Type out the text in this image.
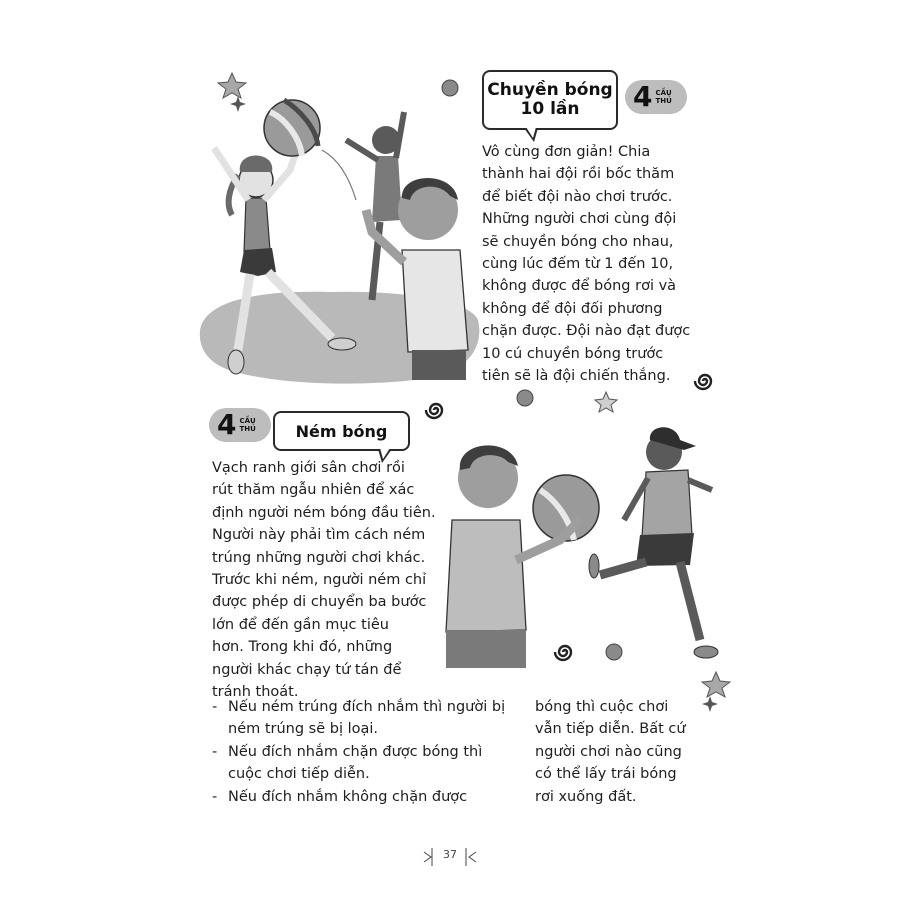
Chuyền bóng
10 lần	4 CẦU
THỦ
Vô cùng đơn giản! Chia
thành hai đội rồi bốc thăm
để biết đội nào chơi trước.
Những người chơi cùng đội
sẽ chuyền bóng cho nhau,
cùng lúc đếm từ 1 đến 10,
không được để bóng rơi và
không để đội đối phương
chặn được. Đội nào đạt được
10 cú chuyền bóng trước
tiên sẽ là đội chiến thắng.
4 CẦU
THỦ Ném bóng
Vạch ranh giới sân chơi rồi
rút thăm ngẫu nhiên để xác
định người ném bóng đầu tiên.
Người này phải tìm cách ném
trúng những người chơi khác.
Trước khi ném, người ném chỉ
được phép di chuyển ba bước
lớn để đến gần mục tiêu
hơn. Trong khi đó, những
người khác chạy tứ tán để
tránh thoát.
- Nếu ném trúng đích nhắm thì người bị
ném trúng sẽ bị loại.
- Nếu đích nhắm chặn được bóng thì
cuộc chơi tiếp diễn.
- Nếu đích nhắm không chặn được
bóng thì cuộc chơi
vẫn tiếp diễn. Bất cứ
người chơi nào cũng
có thể lấy trái bóng
rơi xuống đất.
37
